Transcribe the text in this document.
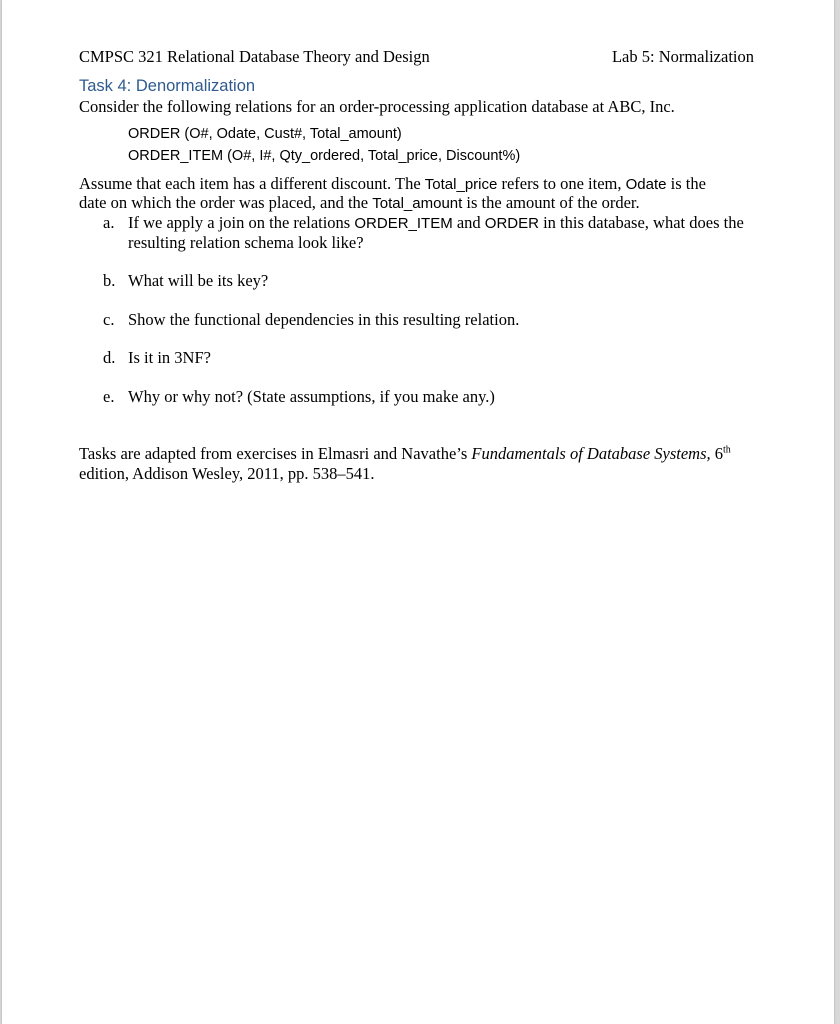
CMPSC 321 Relational Database Theory and Design	Lab 5: Normalization
Task 4: Denormalization
Consider the following relations for an order-processing application database at ABC, Inc.
ORDER (O#, Odate, Cust#, Total_amount)
ORDER_ITEM (O#, I#, Qty_ordered, Total_price, Discount%)
Assume that each item has a different discount. The Total_price refers to one item, Odate is the
date on which the order was placed, and the Total_amount is the amount of the order.
a. If we apply a join on the relations ORDER_ITEM and ORDER in this database, what does the
resulting relation schema look like?
b. What will be its key?
c. Show the functional dependencies in this resulting relation.
d. Is it in 3NF?
e. Why or why not? (State assumptions, if you make any.)
Tasks are adapted from exercises in Elmasri and Navathe’s Fundamentals of Database Systems, 6th
edition, Addison Wesley, 2011, pp. 538–541.
